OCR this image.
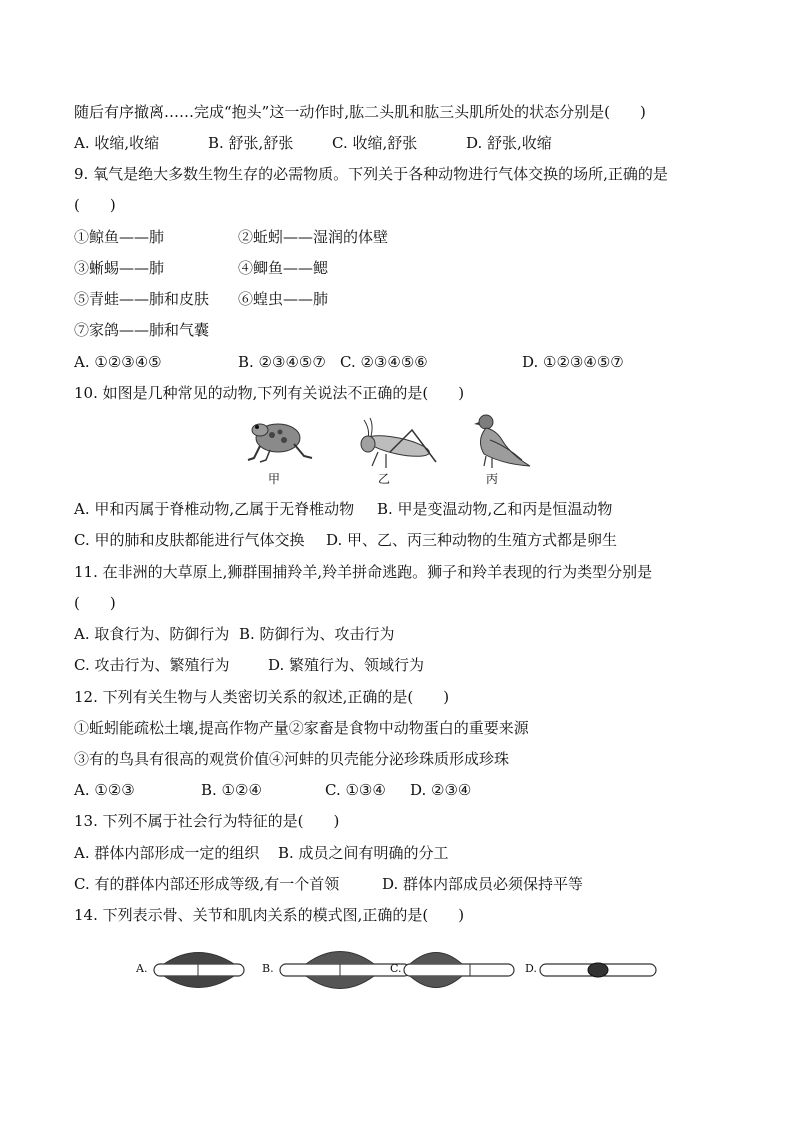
随后有序撤离……完成“抱头”这一动作时,肱二头肌和肱三头肌所处的状态分别是(　　)
A. 收缩,收缩	B. 舒张,舒张	C. 收缩,舒张	D. 舒张,收缩
9. 氧气是绝大多数生物生存的必需物质。下列关于各种动物进行气体交换的场所,正确的是
(　　)
①鲸鱼——肺	②蚯蚓——湿润的体壁
③蜥蜴——肺	④鲫鱼——鳃
⑤青蛙——肺和皮肤 ⑥蝗虫——肺
⑦家鸽——肺和气囊
A. ①②③④⑤	B. ②③④⑤⑦ C. ②③④⑤⑥	D. ①②③④⑤⑦
10. 如图是几种常见的动物,下列有关说法不正确的是(　　)
甲	乙	丙
A. 甲和丙属于脊椎动物,乙属于无脊椎动物 B. 甲是变温动物,乙和丙是恒温动物
C. 甲的肺和皮肤都能进行气体交换 D. 甲、乙、丙三种动物的生殖方式都是卵生
11. 在非洲的大草原上,狮群围捕羚羊,羚羊拼命逃跑。狮子和羚羊表现的行为类型分别是
(　　)
A. 取食行为、防御行为 B. 防御行为、攻击行为
C. 攻击行为、繁殖行为	D. 繁殖行为、领域行为
12. 下列有关生物与人类密切关系的叙述,正确的是(　　)
①蚯蚓能疏松土壤,提高作物产量②家畜是食物中动物蛋白的重要来源
③有的鸟具有很高的观赏价值④河蚌的贝壳能分泌珍珠质形成珍珠
A. ①②③	B. ①②④	C. ①③④ D. ②③④
13. 下列不属于社会行为特征的是(　　)
A. 群体内部形成一定的组织 B. 成员之间有明确的分工
C. 有的群体内部还形成等级,有一个首领	D. 群体内部成员必须保持平等
14. 下列表示骨、关节和肌肉关系的模式图,正确的是(　　)
A.	B.	C.	D.
